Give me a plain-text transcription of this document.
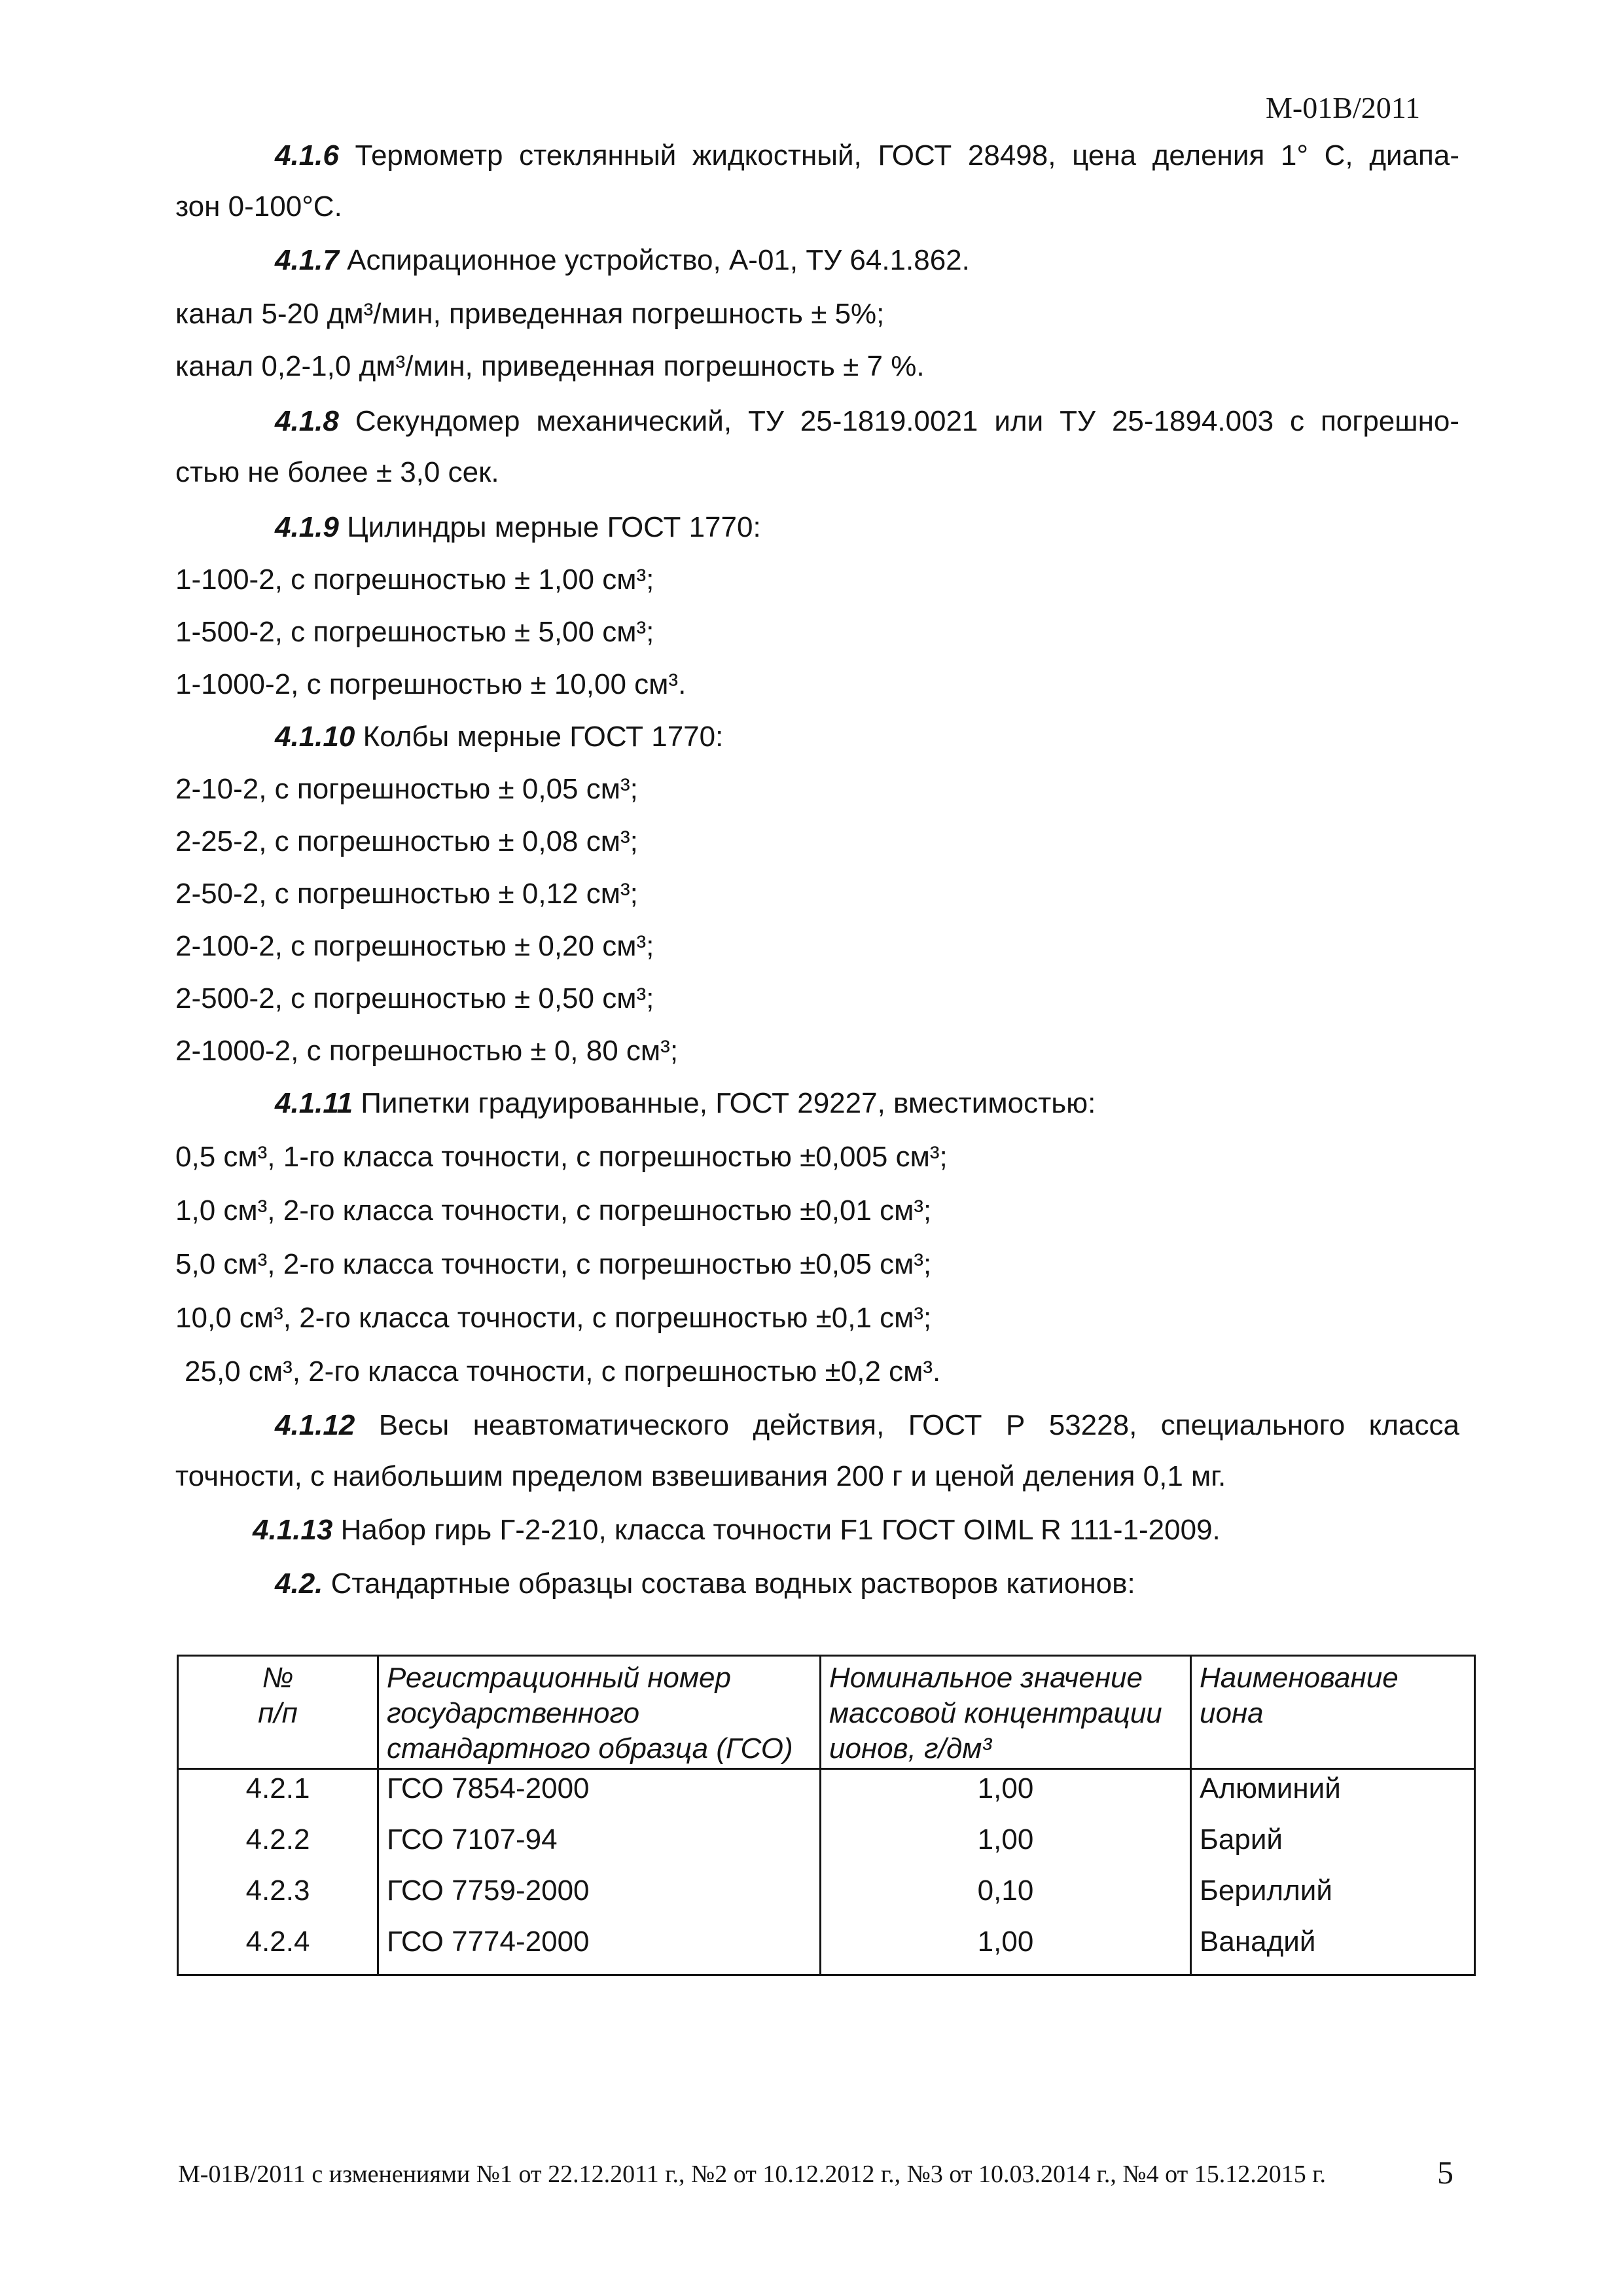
М-01В/2011
4.1.6 Термометр стеклянный жидкостный, ГОСТ 28498, цена деления 1° С, диапа-
зон 0-100°С.
4.1.7 Аспирационное устройство, А-01, ТУ 64.1.862.
канал 5-20 дм³/мин, приведенная погрешность ± 5%;
канал 0,2-1,0 дм³/мин, приведенная погрешность ± 7 %.
4.1.8 Секундомер механический, ТУ 25-1819.0021 или ТУ 25-1894.003 с погрешно-
стью не более ± 3,0 сек.
4.1.9 Цилиндры мерные ГОСТ 1770:
1-100-2, с погрешностью ± 1,00 см³;
1-500-2, с погрешностью ± 5,00 см³;
1-1000-2, с погрешностью ± 10,00 см³.
4.1.10 Колбы мерные ГОСТ 1770:
2-10-2, с погрешностью ± 0,05 см³;
2-25-2, с погрешностью ± 0,08 см³;
2-50-2, с погрешностью ± 0,12 см³;
2-100-2, с погрешностью ± 0,20 см³;
2-500-2, с погрешностью ± 0,50 см³;
2-1000-2, с погрешностью ± 0, 80 см³;
4.1.11 Пипетки градуированные, ГОСТ 29227, вместимостью:
0,5 см³, 1-го класса точности, с погрешностью ±0,005 см³;
1,0 см³, 2-го класса точности, с погрешностью ±0,01 см³;
5,0 см³, 2-го класса точности, с погрешностью ±0,05 см³;
10,0 см³, 2-го класса точности, с погрешностью ±0,1 см³;
25,0 см³, 2-го класса точности, с погрешностью ±0,2 см³.
4.1.12 Весы неавтоматического действия, ГОСТ Р 53228, специального класса
точности, с наибольшим пределом взвешивания 200 г и ценой деления 0,1 мг.
4.1.13 Набор гирь Г-2-210, класса точности F1 ГОСТ OIML R 111-1-2009.
4.2. Стандартные образцы состава водных растворов катионов:
№
п/п	Регистрационный номер государственного стандартного образца (ГСО)	Номинальное значение массовой концентрации ионов, г/дм³	Наименование иона
4.2.1	ГСО 7854-2000	1,00	Алюминий
4.2.2	ГСО 7107-94	1,00	Барий
4.2.3	ГСО 7759-2000	0,10	Бериллий
4.2.4	ГСО 7774-2000	1,00	Ванадий
М-01В/2011 с изменениями №1 от 22.12.2011 г., №2 от 10.12.2012 г., №3 от 10.03.2014 г., №4 от 15.12.2015 г.	5
